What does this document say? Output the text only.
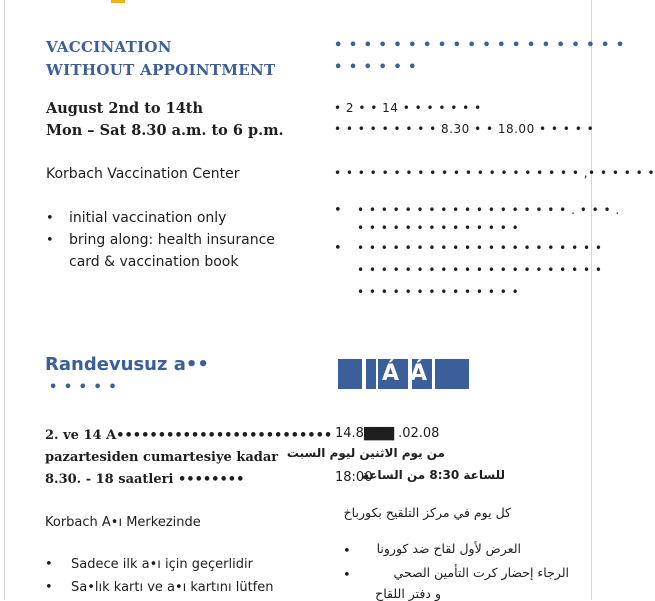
VACCINATION
WITHOUT APPOINTMENT
August 2nd to 14th
Mon – Sat 8.30 a.m. to 6 p.m.
Korbach Vaccination Center
• initial vaccination only
• bring along: health insurance
card & vaccination book
• • • • • • • • • • • • • • • • • • • •
• • • • • •
• 2 • • 14 • • • • • • •
• • • • • • • • • 8.30 • • 18.00 • • • • •
• • • • • • • • • • • • • • • • • • • • • ,• • • • • •
• • • • • • • • • • • • • • • • • • • . • • • .
• • • • • • • • • • • • • •
• • • • • • • • • • • • • • • • • • • • • •
• • • • • • • • • • • • • • • • • • • • •
• • • • • • • • • • • • • •
Randevusuz a••
• • • • •
2. ve 14 A••••••••••••••••••••••••••
pazartesiden cumartesiye kadar
8.30. - 18 saatleri ••••••••
Korbach A•ı Merkezinde
• Sadece ilk a•ı için geçerlidir
• Sa•lık kartı ve a•ı kartını lütfen
Á Á
14.8▇▇▇ .02.08
من يوم الاثنين ليوم السبت
للساعة 8:30 من الساعة
18:00
كل يوم في مركز التلقيح بكورباخ
العرض لأول لقاح ضد كورونا
•
الرجاء إحضار كرت التأمين الصحي
•
و دفتر اللقاح
